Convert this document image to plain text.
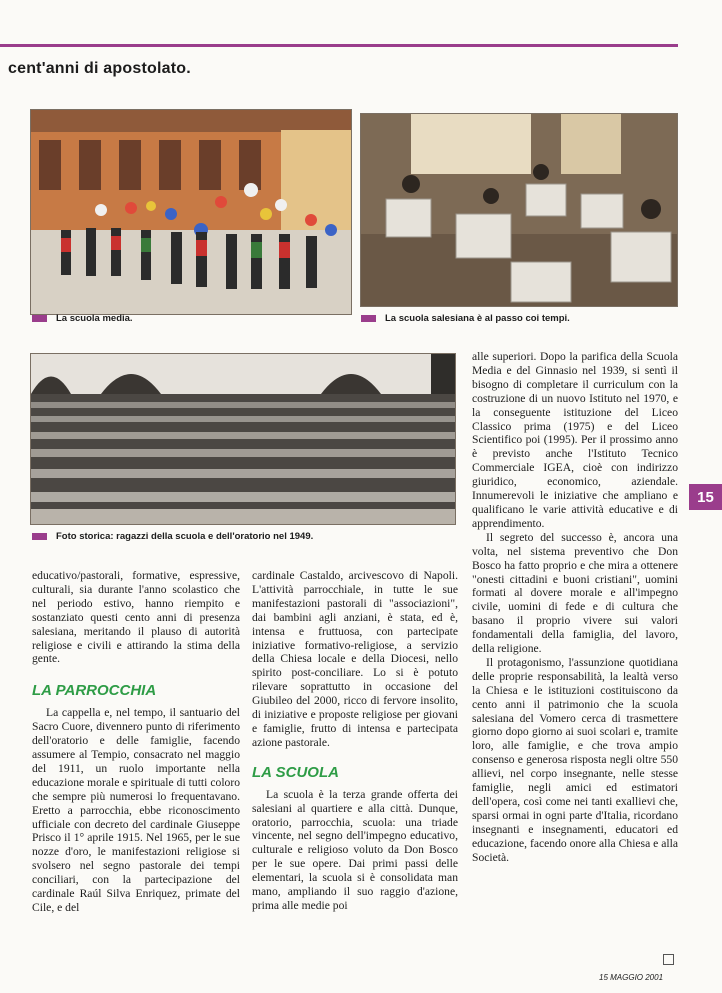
cent'anni di apostolato.
La scuola media.	La scuola salesiana è al passo coi tempi.
Foto storica: ragazzi della scuola e dell'oratorio nel 1949.

educativo/pastorali, formative, espressive, culturali, sia durante l'anno scolastico che nel periodo estivo, hanno riempito e sostanziato questi cento anni di presenza salesiana, meritando il plauso di autorità religiose e civili e attirando la stima della gente.

LA PARROCCHIA

La cappella e, nel tempo, il santuario del Sacro Cuore, divennero punto di riferimento dell'oratorio e delle famiglie, facendo assumere al Tempio, consacrato nel maggio del 1911, un ruolo importante nella educazione morale e spirituale di tutti coloro che sempre più numerosi lo frequentavano. Eretto a parrocchia, ebbe riconoscimento ufficiale con decreto del cardinale Giuseppe Prisco il 1° aprile 1915. Nel 1965, per le sue nozze d'oro, le manifestazioni religiose si svolsero nel segno pastorale dei tempi conciliari, con la partecipazione del cardinale Raúl Silva Enriquez, primate del Cile, e del

cardinale Castaldo, arcivescovo di Napoli. L'attività parrocchiale, in tutte le sue manifestazioni pastorali di "associazioni", dai bambini agli anziani, è stata, ed è, intensa e fruttuosa, con partecipate iniziative formativo-religiose, a servizio della Chiesa locale e della Diocesi, nello spirito post-conciliare. Lo si è potuto rilevare soprattutto in occasione del Giubileo del 2000, ricco di fervore insolito, di iniziative e proposte religiose per giovani e famiglie, frutto di intensa e partecipata azione pastorale.

LA SCUOLA

La scuola è la terza grande offerta dei salesiani al quartiere e alla città. Dunque, oratorio, parrocchia, scuola: una triade vincente, nel segno dell'impegno educativo, culturale e religioso voluto da Don Bosco per le sue opere. Dai primi passi delle elementari, la scuola si è consolidata man mano, ampliando il suo raggio d'azione, prima alle medie poi

alle superiori. Dopo la parifica della Scuola Media e del Ginnasio nel 1939, si sentì il bisogno di completare il curriculum con la costruzione di un nuovo Istituto nel 1970, e la conseguente istituzione del Liceo Classico prima (1975) e del Liceo Scientifico poi (1995). Per il prossimo anno è previsto anche l'Istituto Tecnico Commerciale IGEA, cioè con indirizzo giuridico, economico, aziendale. Innumerevoli le iniziative che ampliano e qualificano le varie attività educative e di apprendimento.

Il segreto del successo è, ancora una volta, nel sistema preventivo che Don Bosco ha fatto proprio e che mira a ottenere "onesti cittadini e buoni cristiani", uomini formati al dovere morale e all'impegno civile, uomini di fede e di cultura che basano il proprio vivere sui valori fondamentali della famiglia, del lavoro, della religione.

Il protagonismo, l'assunzione quotidiana delle proprie responsabilità, la lealtà verso la Chiesa e le istituzioni costituiscono da cento anni il patrimonio che la scuola salesiana del Vomero cerca di trasmettere giorno dopo giorno ai suoi scolari e, tramite loro, alle famiglie, e che trova ampio consenso e generosa risposta negli oltre 550 allievi, nel corpo insegnante, nelle stesse famiglie, negli amici ed estimatori dell'opera, così come nei tanti exallievi che, sparsi ormai in ogni parte d'Italia, ricordano insegnanti e insegnamenti, educatori ed educazione, facendo onore alla Chiesa e alla Società.

15
15 MAGGIO 2001
